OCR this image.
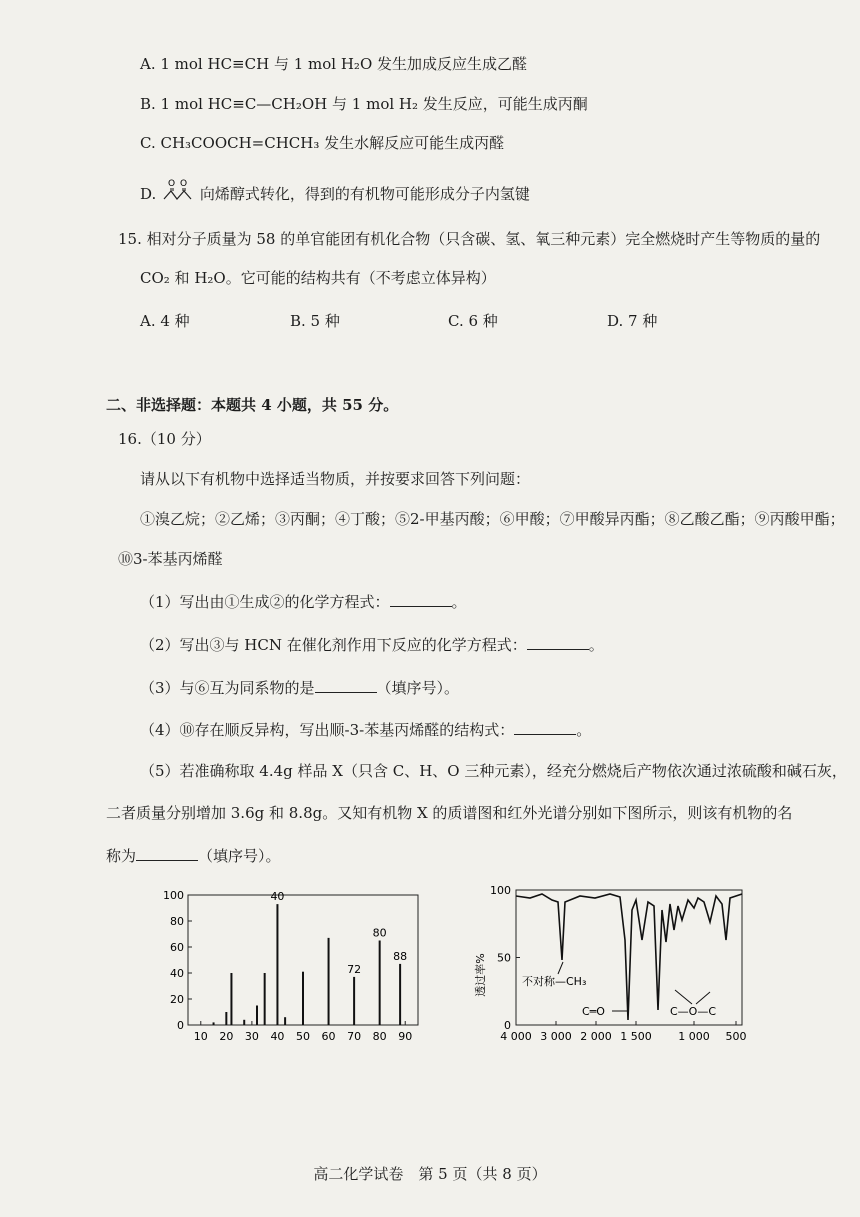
A. 1 mol HC≡CH 与 1 mol H₂O 发生加成反应生成乙醛
B. 1 mol HC≡C—CH₂OH 与 1 mol H₂ 发生反应，可能生成丙酮
C. CH₃COOCH=CHCH₃ 发生水解反应可能生成丙醛
D.
O O
向烯醇式转化，得到的有机物可能形成分子内氢键
15. 相对分子质量为 58 的单官能团有机化合物（只含碳、氢、氧三种元素）完全燃烧时产生等物质的量的
CO₂ 和 H₂O。它可能的结构共有（不考虑立体异构）
A. 4 种	B. 5 种	C. 6 种	D. 7 种
二、非选择题：本题共 4 小题，共 55 分。
16.（10 分）
请从以下有机物中选择适当物质，并按要求回答下列问题：
①溴乙烷；②乙烯；③丙酮；④丁酸；⑤2-甲基丙酸；⑥甲酸；⑦甲酸异丙酯；⑧乙酸乙酯；⑨丙酸甲酯；
⑩3-苯基丙烯醛
（1）写出由①生成②的化学方程式：	。
（2）写出③与 HCN 在催化剂作用下反应的化学方程式：	。
（3）与⑥互为同系物的是	（填序号）。
（4）⑩存在顺反异构，写出顺-3-苯基丙烯醛的结构式：	。
（5）若准确称取 4.4g 样品 X（只含 C、H、O 三种元素），经充分燃烧后产物依次通过浓硫酸和碱石灰，
二者质量分别增加 3.6g 和 8.8g。又知有机物 X 的质谱图和红外光谱分别如下图所示，则该有机物的名
称为	（填序号）。
0
20
40
60
80
100
10 20 30 40 50 60 70 80 90
40
72
80
88
0
50
100
透过率%
4 000 3 000 2 000 1 500 1 000 500
不对称—CH₃
C═O	C—O—C
高二化学试卷　第 5 页（共 8 页）
